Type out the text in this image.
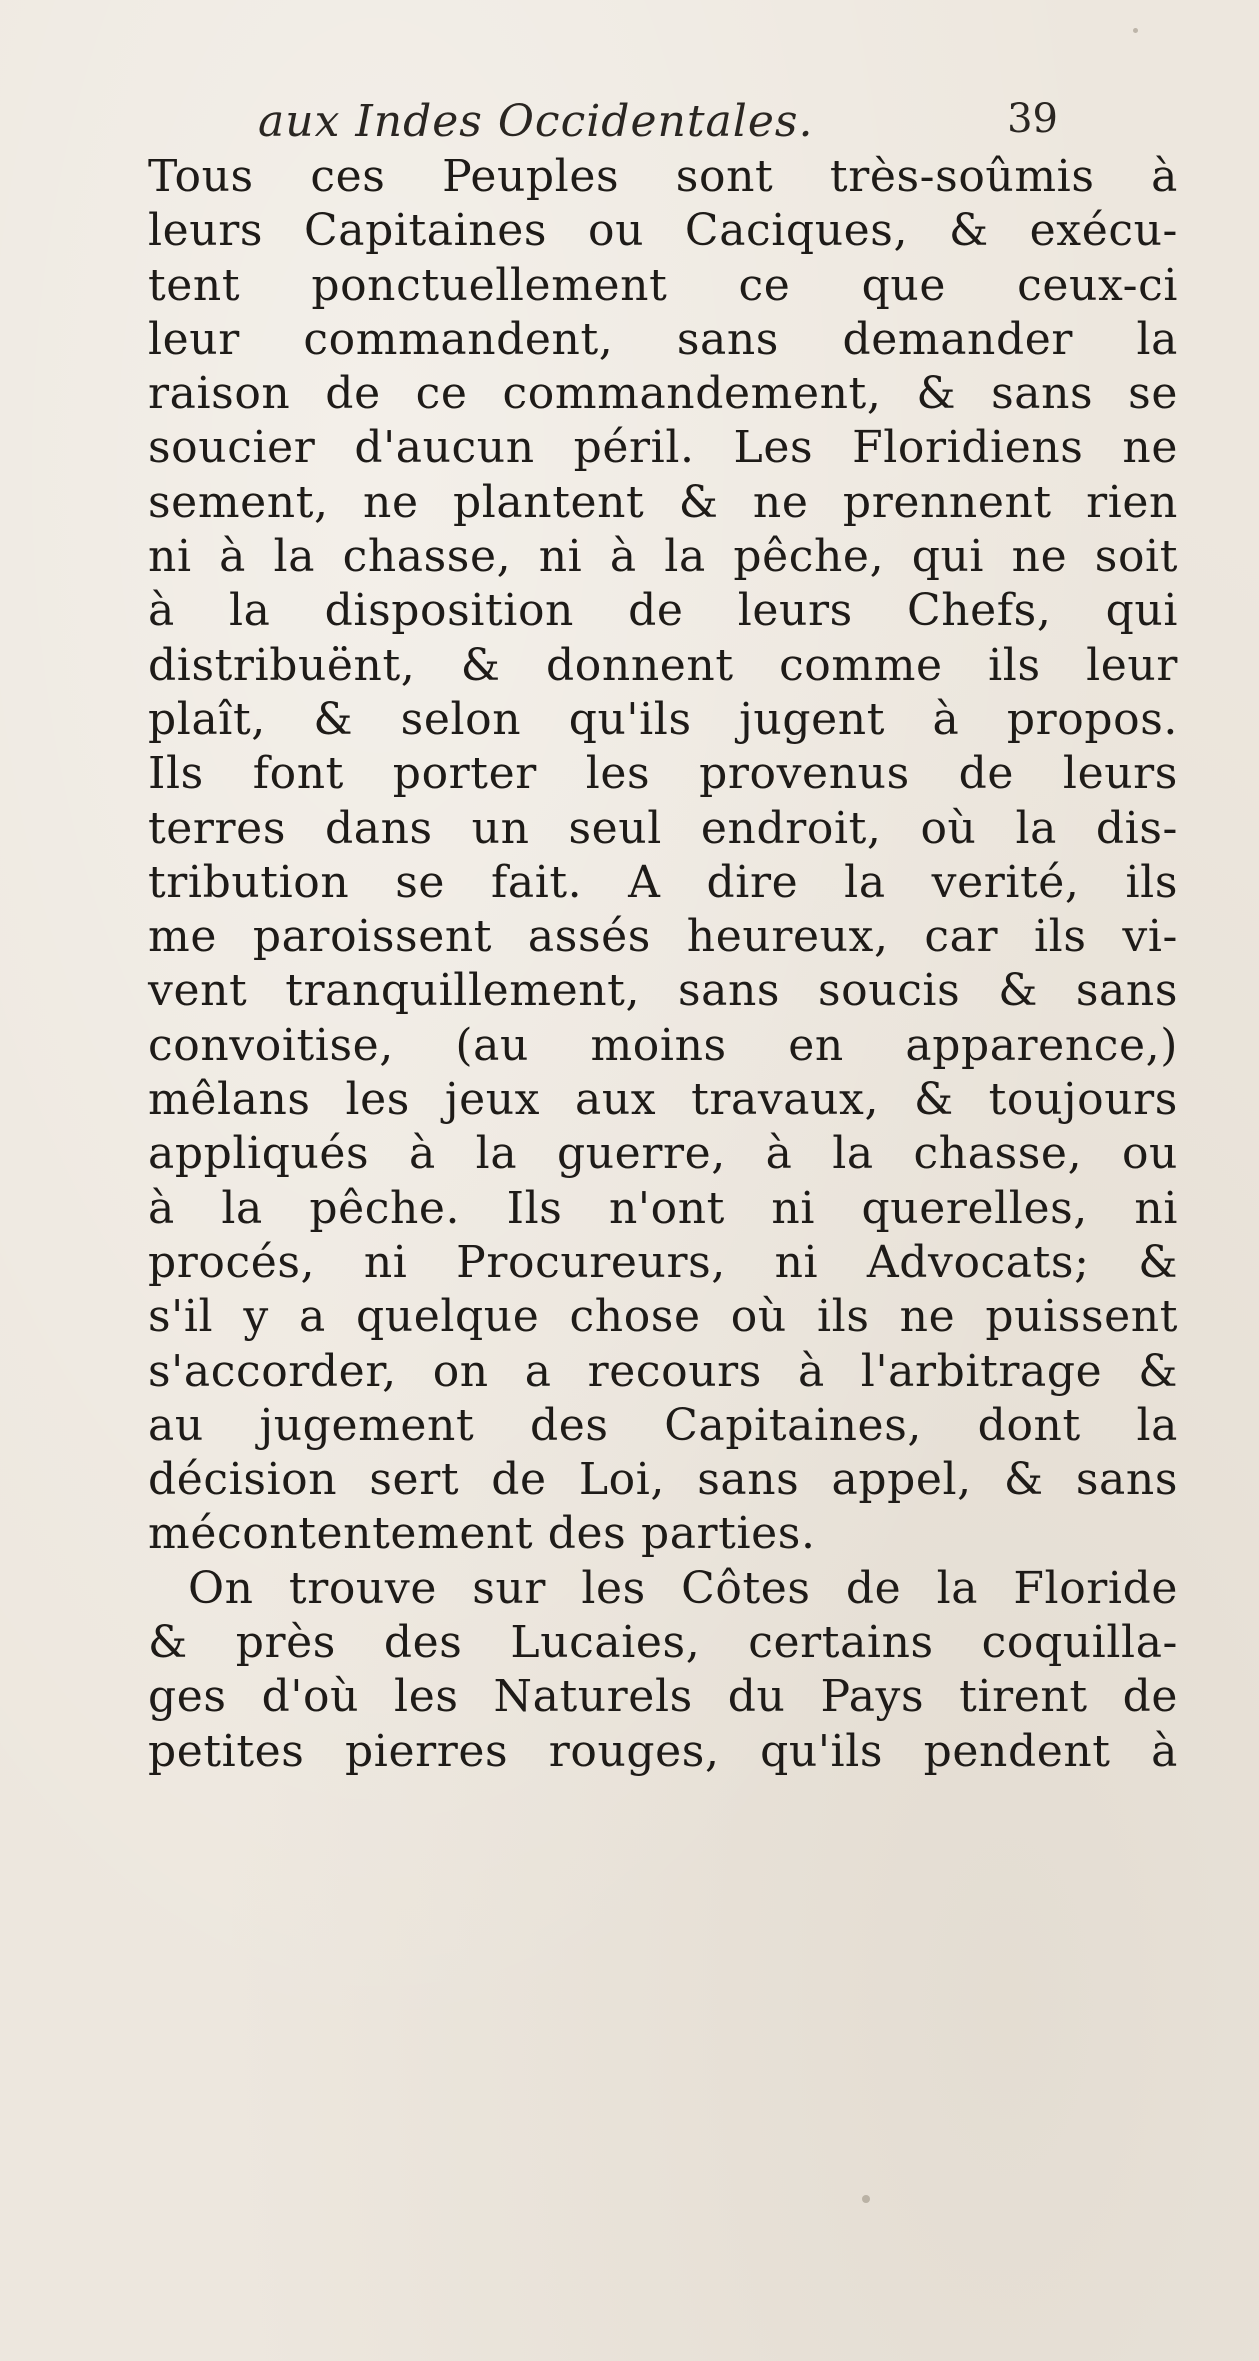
aux Indes Occidentales.	39
Tous ces Peuples sont très-soûmis à
leurs Capitaines ou Caciques, & exécu-
tent ponctuellement ce que ceux-ci
leur commandent, sans demander la
raison de ce commandement, & sans se
soucier d'aucun péril. Les Floridiens ne
sement, ne plantent & ne prennent rien
ni à la chasse, ni à la pêche, qui ne soit
à la disposition de leurs Chefs, qui
distribuënt, & donnent comme ils leur
plaît, & selon qu'ils jugent à propos.
Ils font porter les provenus de leurs
terres dans un seul endroit, où la dis-
tribution se fait. A dire la verité, ils
me paroissent assés heureux, car ils vi-
vent tranquillement, sans soucis & sans
convoitise, (au moins en apparence,)
mêlans les jeux aux travaux, & toujours
appliqués à la guerre, à la chasse, ou
à la pêche. Ils n'ont ni querelles, ni
procés, ni Procureurs, ni Advocats; &
s'il y a quelque chose où ils ne puissent
s'accorder, on a recours à l'arbitrage &
au jugement des Capitaines, dont la
décision sert de Loi, sans appel, & sans
mécontentement des parties.
On trouve sur les Côtes de la Floride
& près des Lucaies, certains coquilla-
ges d'où les Naturels du Pays tirent de
petites pierres rouges, qu'ils pendent à
